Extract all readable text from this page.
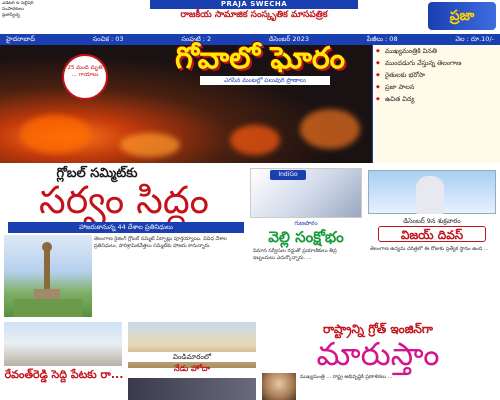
ఎడిటర్ & పబ్లిషర్
సంపాదకులు
ప్రజాస్వేచ్ఛ
PRAJA SWECHA
రాజకీయ సామాజిక సంస్కృతిక మాసపత్రిక	ప్రజా
హైదరాబాద్	సంచిక : 03	సంపుటి : 2	డిసెంబర్ 2023	పేజీలు : 08	వెల : రూ.10/-
గోవాలో ఘోరం
ఎగసిన మంటల్లో పలువురి ప్రాణాలు
25 మంది మృతి ... గాయాలు
◆ ముఖ్యమంత్రికి వినతి
◆ ముందడుగు వేస్తున్న తెలంగాణ
◆ రైతులకు భరోసా
◆ ప్రజా పాలన
◆ ఉచిత విద్య
గ్లోబల్ సమ్మిట్‌కు
సర్వం సిద్ధం
హాజరుకానున్న 44 దేశాల ప్రతినిధులు
తెలంగాణ రైజింగ్ గ్లోబల్ సమ్మిట్ ఏర్పాట్లు పూర్తయ్యాయి. వివిధ దేశాల ప్రతినిధులు, పారిశ్రామికవేత్తలు సమ్మిట్‌కు హాజరు కానున్నారు.
IndiGo
గుణపాఠం
వెల్లి సంక్షోభం
విమాన సర్వీసుల రద్దుతో ప్రయాణికులు తీవ్ర ఇబ్బందులు ఎదుర్కొన్నారు. ...
డిసెంబర్ 9న శుక్రవారం
విజయ్ దివస్
తెలంగాణ ఉద్యమ చరిత్రలో ఈ రోజుకు ప్రత్యేక స్థానం ఉంది ...
రేవంత్‌రెడ్డి సెద్ది పేటకు రా...
విండిమారంలో
నేడు హోదా
రాష్ట్రాన్ని గ్రోత్ ఇంజిన్‌గా
మారుస్తాం
ముఖ్యమంత్రి ... రాష్ట్ర అభివృద్ధికి ప్రణాళికలు ...
